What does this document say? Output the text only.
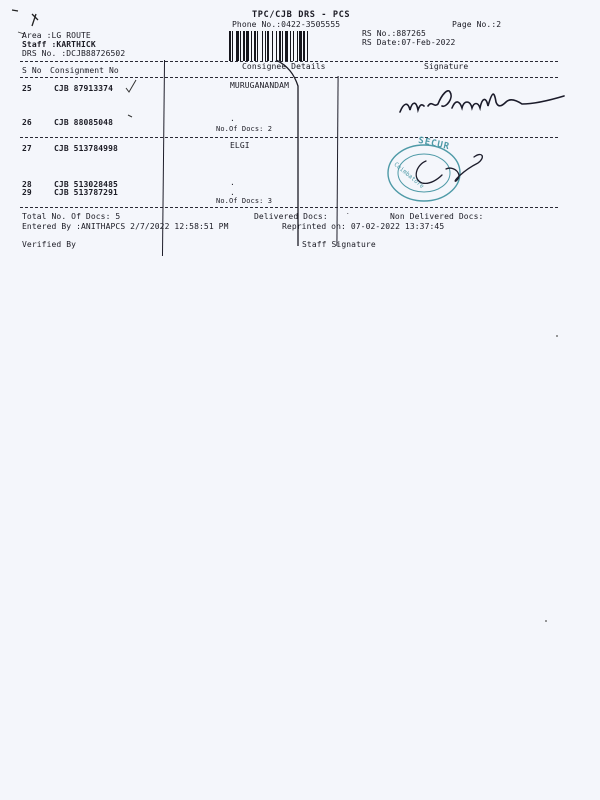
TPC/CJB DRS - PCS
Phone No.:0422-3505555	Page No.:2
RS No.:887265
RS Date:07-Feb-2022
Area :LG ROUTE
Staff :KARTHICK
DRS No. :DCJB88726502
S No Consignment No	Consignee Details	Signature
25	CJB 87913374	MURUGANANDAM
26	CJB 88085048	.
No.Of Docs: 2
27	CJB 513784998	ELGI
28	CJB 513028485	.
29	CJB 513787291	.
No.Of Docs: 3
Total No. Of Docs: 5	Delivered Docs:	Non Delivered Docs:
Entered By :ANITHAPCS 2/7/2022 12:58:51 PM	Reprinted on: 07-02-2022 13:37:45
Verified By	Staff Signature
SECUR
Coimbatore
.
